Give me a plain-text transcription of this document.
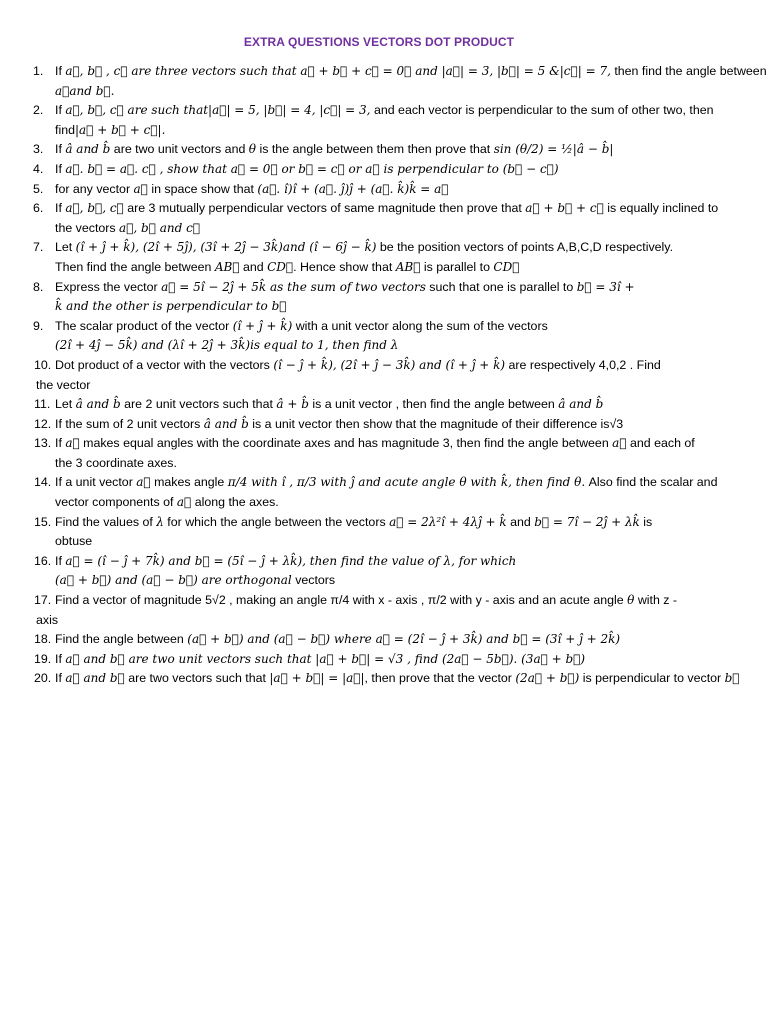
EXTRA QUESTIONS VECTORS DOT PRODUCT
1. If a⃗, b⃗ , c⃗ are three vectors such that a⃗ + b⃗ + c⃗ = 0⃗ and |a⃗| = 3, |b⃗| = 5 &|c⃗| = 7, then find the angle between
a⃗and b⃗.
2. If a⃗, b⃗, c⃗ are such that|a⃗| = 5, |b⃗| = 4, |c⃗| = 3, and each vector is perpendicular to the sum of other two, then
find|a⃗ + b⃗ + c⃗|.
3. If â and b̂ are two unit vectors and θ is the angle between them then prove that sin (θ/2) = ½|â − b̂|
4. If a⃗. b⃗ = a⃗. c⃗ , show that a⃗ = 0⃗ or b⃗ = c⃗ or a⃗ is perpendicular to (b⃗ − c⃗)
5. for any vector a⃗ in space show that (a⃗. î)î + (a⃗. ĵ)ĵ + (a⃗. k̂)k̂ = a⃗
6. If a⃗, b⃗, c⃗ are 3 mutually perpendicular vectors of same magnitude then prove that a⃗ + b⃗ + c⃗ is equally inclined to
the vectors a⃗, b⃗ and c⃗
7. Let (î + ĵ + k̂), (2î + 5ĵ), (3î + 2ĵ − 3k̂)and (î − 6ĵ − k̂) be the position vectors of points A,B,C,D respectively.
Then find the angle between AB⃗ and CD⃗. Hence show that AB⃗ is parallel to CD⃗
8. Express the vector a⃗ = 5î − 2ĵ + 5k̂ as the sum of two vectors such that one is parallel to b⃗ = 3î +
k̂ and the other is perpendicular to b⃗
9. The scalar product of the vector (î + ĵ + k̂) with a unit vector along the sum of the vectors
(2î + 4ĵ − 5k̂) and (λî + 2ĵ + 3k̂)is equal to 1, then find λ
10. Dot product of a vector with the vectors (î − ĵ + k̂), (2î + ĵ − 3k̂) and (î + ĵ + k̂) are respectively 4,0,2 . Find
the vector
11. Let â and b̂ are 2 unit vectors such that â + b̂ is a unit vector , then find the angle between â and b̂
12. If the sum of 2 unit vectors â and b̂ is a unit vector then show that the magnitude of their difference is√3
13. If a⃗ makes equal angles with the coordinate axes and has magnitude 3, then find the angle between a⃗ and each of
the 3 coordinate axes.
14. If a unit vector a⃗ makes angle π/4 with î , π/3 with ĵ and acute angle θ with k̂, then find θ. Also find the scalar and
vector components of a⃗ along the axes.
15. Find the values of λ for which the angle between the vectors a⃗ = 2λ²î + 4λĵ + k̂ and b⃗ = 7î − 2ĵ + λk̂ is
obtuse
16. If a⃗ = (î − ĵ + 7k̂) and b⃗ = (5î − ĵ + λk̂), then find the value of λ, for which
(a⃗ + b⃗) and (a⃗ − b⃗) are orthogonal vectors
17. Find a vector of magnitude 5√2 , making an angle π/4 with x - axis , π/2 with y - axis and an acute angle θ with z -
axis
18. Find the angle between (a⃗ + b⃗) and (a⃗ − b⃗) where a⃗ = (2î − ĵ + 3k̂) and b⃗ = (3î + ĵ + 2k̂)
19. If a⃗ and b⃗ are two unit vectors such that |a⃗ + b⃗| = √3 , find (2a⃗ − 5b⃗). (3a⃗ + b⃗)
20. If a⃗ and b⃗ are two vectors such that |a⃗ + b⃗| = |a⃗|, then prove that the vector (2a⃗ + b⃗) is perpendicular to vector b⃗
